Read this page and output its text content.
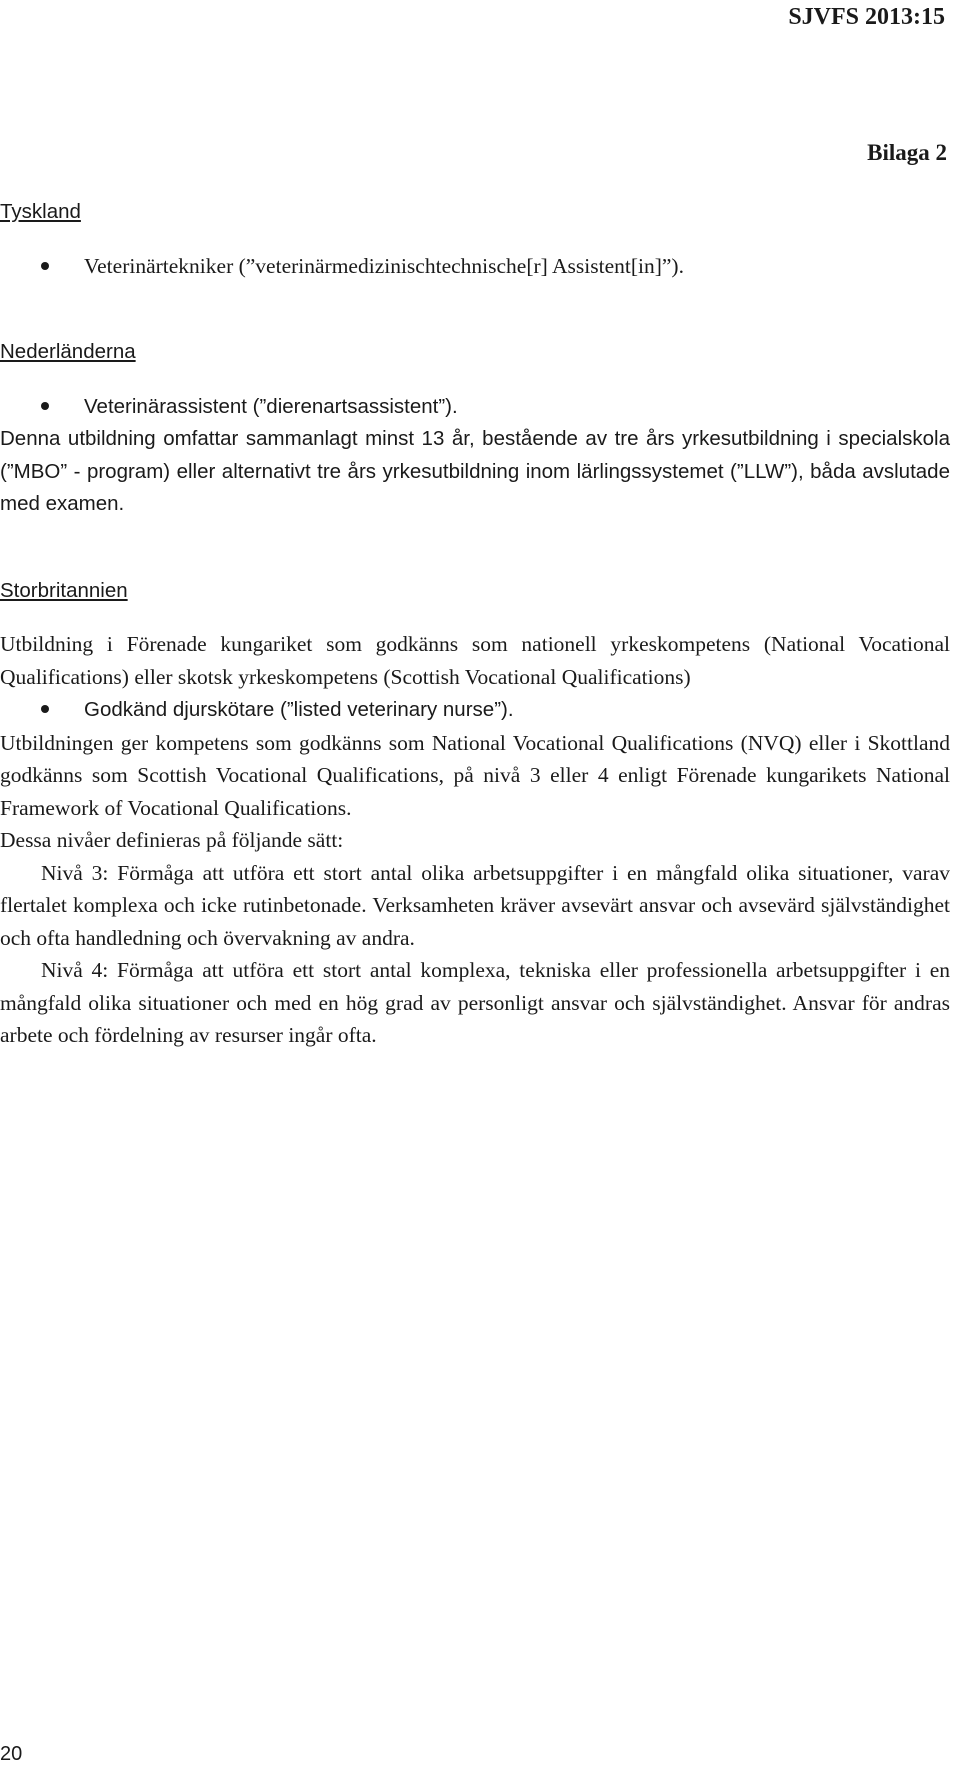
SJVFS 2013:15
Bilaga 2
Tyskland
Veterinärtekniker (”veterinärmedizinischtechnische[r] Assistent[in]”).
Nederländerna
Veterinärassistent (”dierenartsassistent”).
Denna utbildning omfattar sammanlagt minst 13 år, bestående av tre års yrkesutbildning i specialskola (”MBO” - program) eller alternativt tre års yrkesutbildning inom lärlingssystemet (”LLW”), båda avslutade med examen.
Storbritannien
Utbildning i Förenade kungariket som godkänns som nationell yrkeskompetens (National Vocational Qualifications) eller skotsk yrkeskompetens (Scottish Vocational Qualifications)
Godkänd djurskötare (”listed veterinary nurse”).
Utbildningen ger kompetens som godkänns som National Vocational Qualifications (NVQ) eller i Skottland godkänns som Scottish Vocational Qualifications, på nivå 3 eller 4 enligt Förenade kungarikets National Framework of Vocational Qualifications.
Dessa nivåer definieras på följande sätt:
Nivå 3: Förmåga att utföra ett stort antal olika arbetsuppgifter i en mångfald olika situationer, varav flertalet komplexa och icke rutinbetonade. Verksamheten kräver avsevärt ansvar och avsevärd självständighet och ofta handledning och övervakning av andra.
Nivå 4: Förmåga att utföra ett stort antal komplexa, tekniska eller professionella arbetsuppgifter i en mångfald olika situationer och med en hög grad av personligt ansvar och självständighet. Ansvar för andras arbete och fördelning av resurser ingår ofta.
20
